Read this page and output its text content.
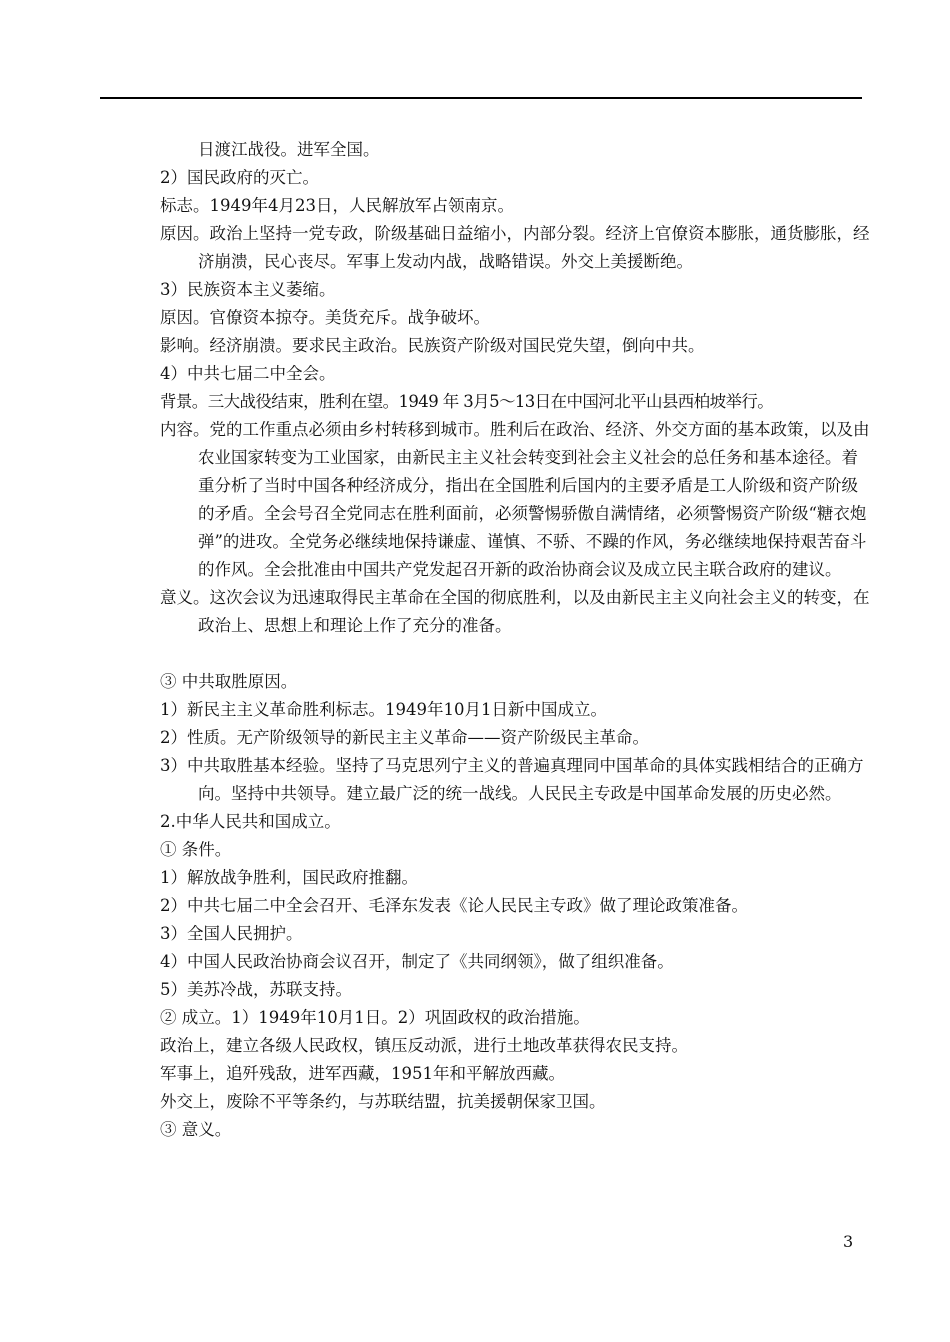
日渡江战役。进军全国。

2）国民政府的灭亡。

标志。1949年4月23日，人民解放军占领南京。

原因。政治上坚持一党专政，阶级基础日益缩小，内部分裂。经济上官僚资本膨胀，通货膨胀，经济崩溃，民心丧尽。军事上发动内战，战略错误。外交上美援断绝。

3）民族资本主义萎缩。

原因。官僚资本掠夺。美货充斥。战争破坏。

影响。经济崩溃。要求民主政治。民族资产阶级对国民党失望，倒向中共。

4）中共七届二中全会。

背景。三大战役结束，胜利在望。1949 年 3月5～13日在中国河北平山县西柏坡举行。

内容。党的工作重点必须由乡村转移到城市。胜利后在政治、经济、外交方面的基本政策，以及由农业国家转变为工业国家，由新民主主义社会转变到社会主义社会的总任务和基本途径。着重分析了当时中国各种经济成分，指出在全国胜利后国内的主要矛盾是工人阶级和资产阶级的矛盾。全会号召全党同志在胜利面前，必须警惕骄傲自满情绪，必须警惕资产阶级“糖衣炮弹”的进攻。全党务必继续地保持谦虚、谨慎、不骄、不躁的作风，务必继续地保持艰苦奋斗的作风。全会批准由中国共产党发起召开新的政治协商会议及成立民主联合政府的建议。

意义。这次会议为迅速取得民主革命在全国的彻底胜利，以及由新民主主义向社会主义的转变，在政治上、思想上和理论上作了充分的准备。

③ 中共取胜原因。

1）新民主主义革命胜利标志。1949年10月1日新中国成立。

2）性质。无产阶级领导的新民主主义革命——资产阶级民主革命。

3）中共取胜基本经验。坚持了马克思列宁主义的普遍真理同中国革命的具体实践相结合的正确方向。坚持中共领导。建立最广泛的统一战线。人民民主专政是中国革命发展的历史必然。

2.中华人民共和国成立。

① 条件。

1）解放战争胜利，国民政府推翻。

2）中共七届二中全会召开、毛泽东发表《论人民民主专政》做了理论政策准备。

3）全国人民拥护。

4）中国人民政治协商会议召开，制定了《共同纲领》，做了组织准备。

5）美苏冷战，苏联支持。

② 成立。1）1949年10月1日。2）巩固政权的政治措施。

政治上，建立各级人民政权，镇压反动派，进行土地改革获得农民支持。

军事上，追歼残敌，进军西藏，1951年和平解放西藏。

外交上，废除不平等条约，与苏联结盟，抗美援朝保家卫国。

③ 意义。

3
